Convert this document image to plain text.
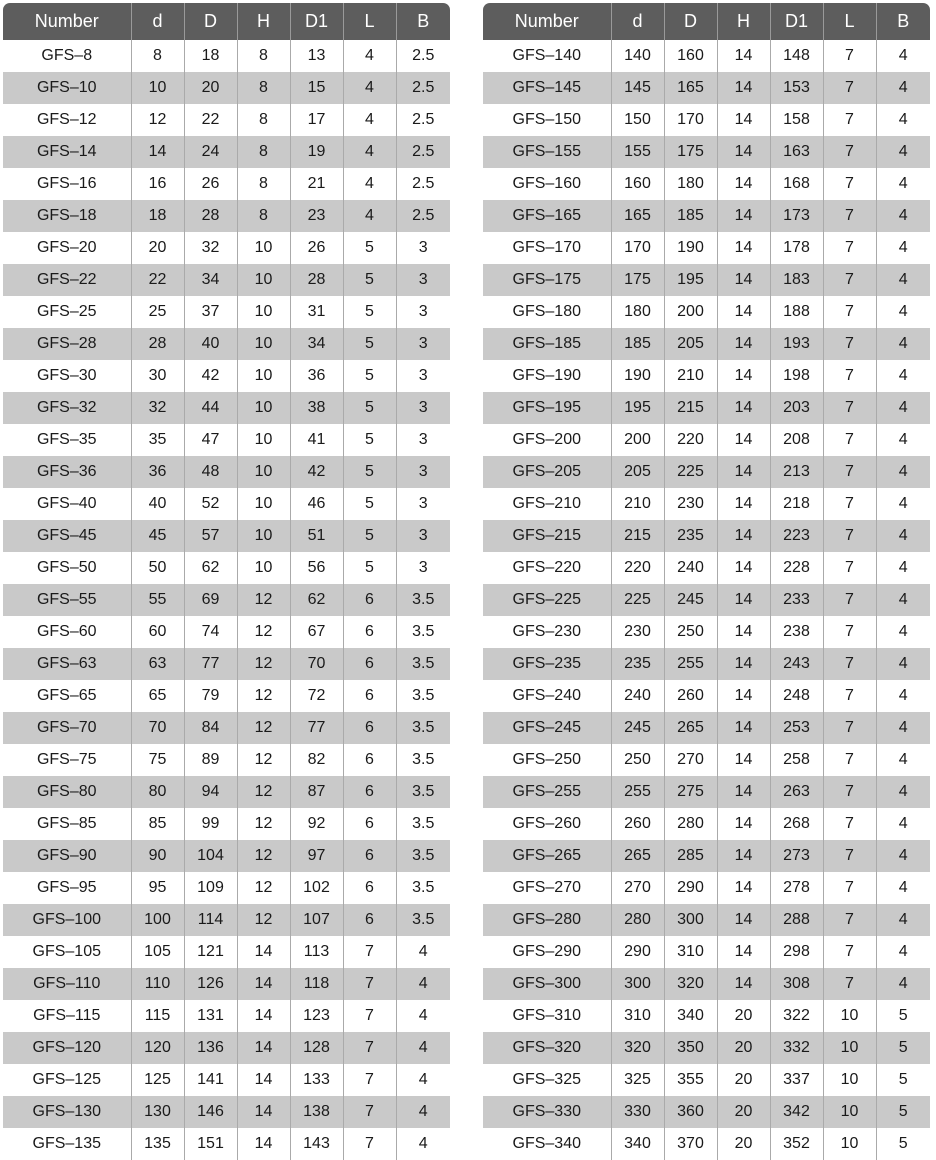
Number	d	D	H	D1	L	B
GFS–8	8	18	8	13	4	2.5
GFS–10	10	20	8	15	4	2.5
GFS–12	12	22	8	17	4	2.5
GFS–14	14	24	8	19	4	2.5
GFS–16	16	26	8	21	4	2.5
GFS–18	18	28	8	23	4	2.5
GFS–20	20	32	10	26	5	3
GFS–22	22	34	10	28	5	3
GFS–25	25	37	10	31	5	3
GFS–28	28	40	10	34	5	3
GFS–30	30	42	10	36	5	3
GFS–32	32	44	10	38	5	3
GFS–35	35	47	10	41	5	3
GFS–36	36	48	10	42	5	3
GFS–40	40	52	10	46	5	3
GFS–45	45	57	10	51	5	3
GFS–50	50	62	10	56	5	3
GFS–55	55	69	12	62	6	3.5
GFS–60	60	74	12	67	6	3.5
GFS–63	63	77	12	70	6	3.5
GFS–65	65	79	12	72	6	3.5
GFS–70	70	84	12	77	6	3.5
GFS–75	75	89	12	82	6	3.5
GFS–80	80	94	12	87	6	3.5
GFS–85	85	99	12	92	6	3.5
GFS–90	90	104	12	97	6	3.5
GFS–95	95	109	12	102	6	3.5
GFS–100	100	114	12	107	6	3.5
GFS–105	105	121	14	113	7	4
GFS–110	110	126	14	118	7	4
GFS–115	115	131	14	123	7	4
GFS–120	120	136	14	128	7	4
GFS–125	125	141	14	133	7	4
GFS–130	130	146	14	138	7	4
GFS–135	135	151	14	143	7	4
Number	d	D	H	D1	L	B
GFS–140	140	160	14	148	7	4
GFS–145	145	165	14	153	7	4
GFS–150	150	170	14	158	7	4
GFS–155	155	175	14	163	7	4
GFS–160	160	180	14	168	7	4
GFS–165	165	185	14	173	7	4
GFS–170	170	190	14	178	7	4
GFS–175	175	195	14	183	7	4
GFS–180	180	200	14	188	7	4
GFS–185	185	205	14	193	7	4
GFS–190	190	210	14	198	7	4
GFS–195	195	215	14	203	7	4
GFS–200	200	220	14	208	7	4
GFS–205	205	225	14	213	7	4
GFS–210	210	230	14	218	7	4
GFS–215	215	235	14	223	7	4
GFS–220	220	240	14	228	7	4
GFS–225	225	245	14	233	7	4
GFS–230	230	250	14	238	7	4
GFS–235	235	255	14	243	7	4
GFS–240	240	260	14	248	7	4
GFS–245	245	265	14	253	7	4
GFS–250	250	270	14	258	7	4
GFS–255	255	275	14	263	7	4
GFS–260	260	280	14	268	7	4
GFS–265	265	285	14	273	7	4
GFS–270	270	290	14	278	7	4
GFS–280	280	300	14	288	7	4
GFS–290	290	310	14	298	7	4
GFS–300	300	320	14	308	7	4
GFS–310	310	340	20	322	10	5
GFS–320	320	350	20	332	10	5
GFS–325	325	355	20	337	10	5
GFS–330	330	360	20	342	10	5
GFS–340	340	370	20	352	10	5
